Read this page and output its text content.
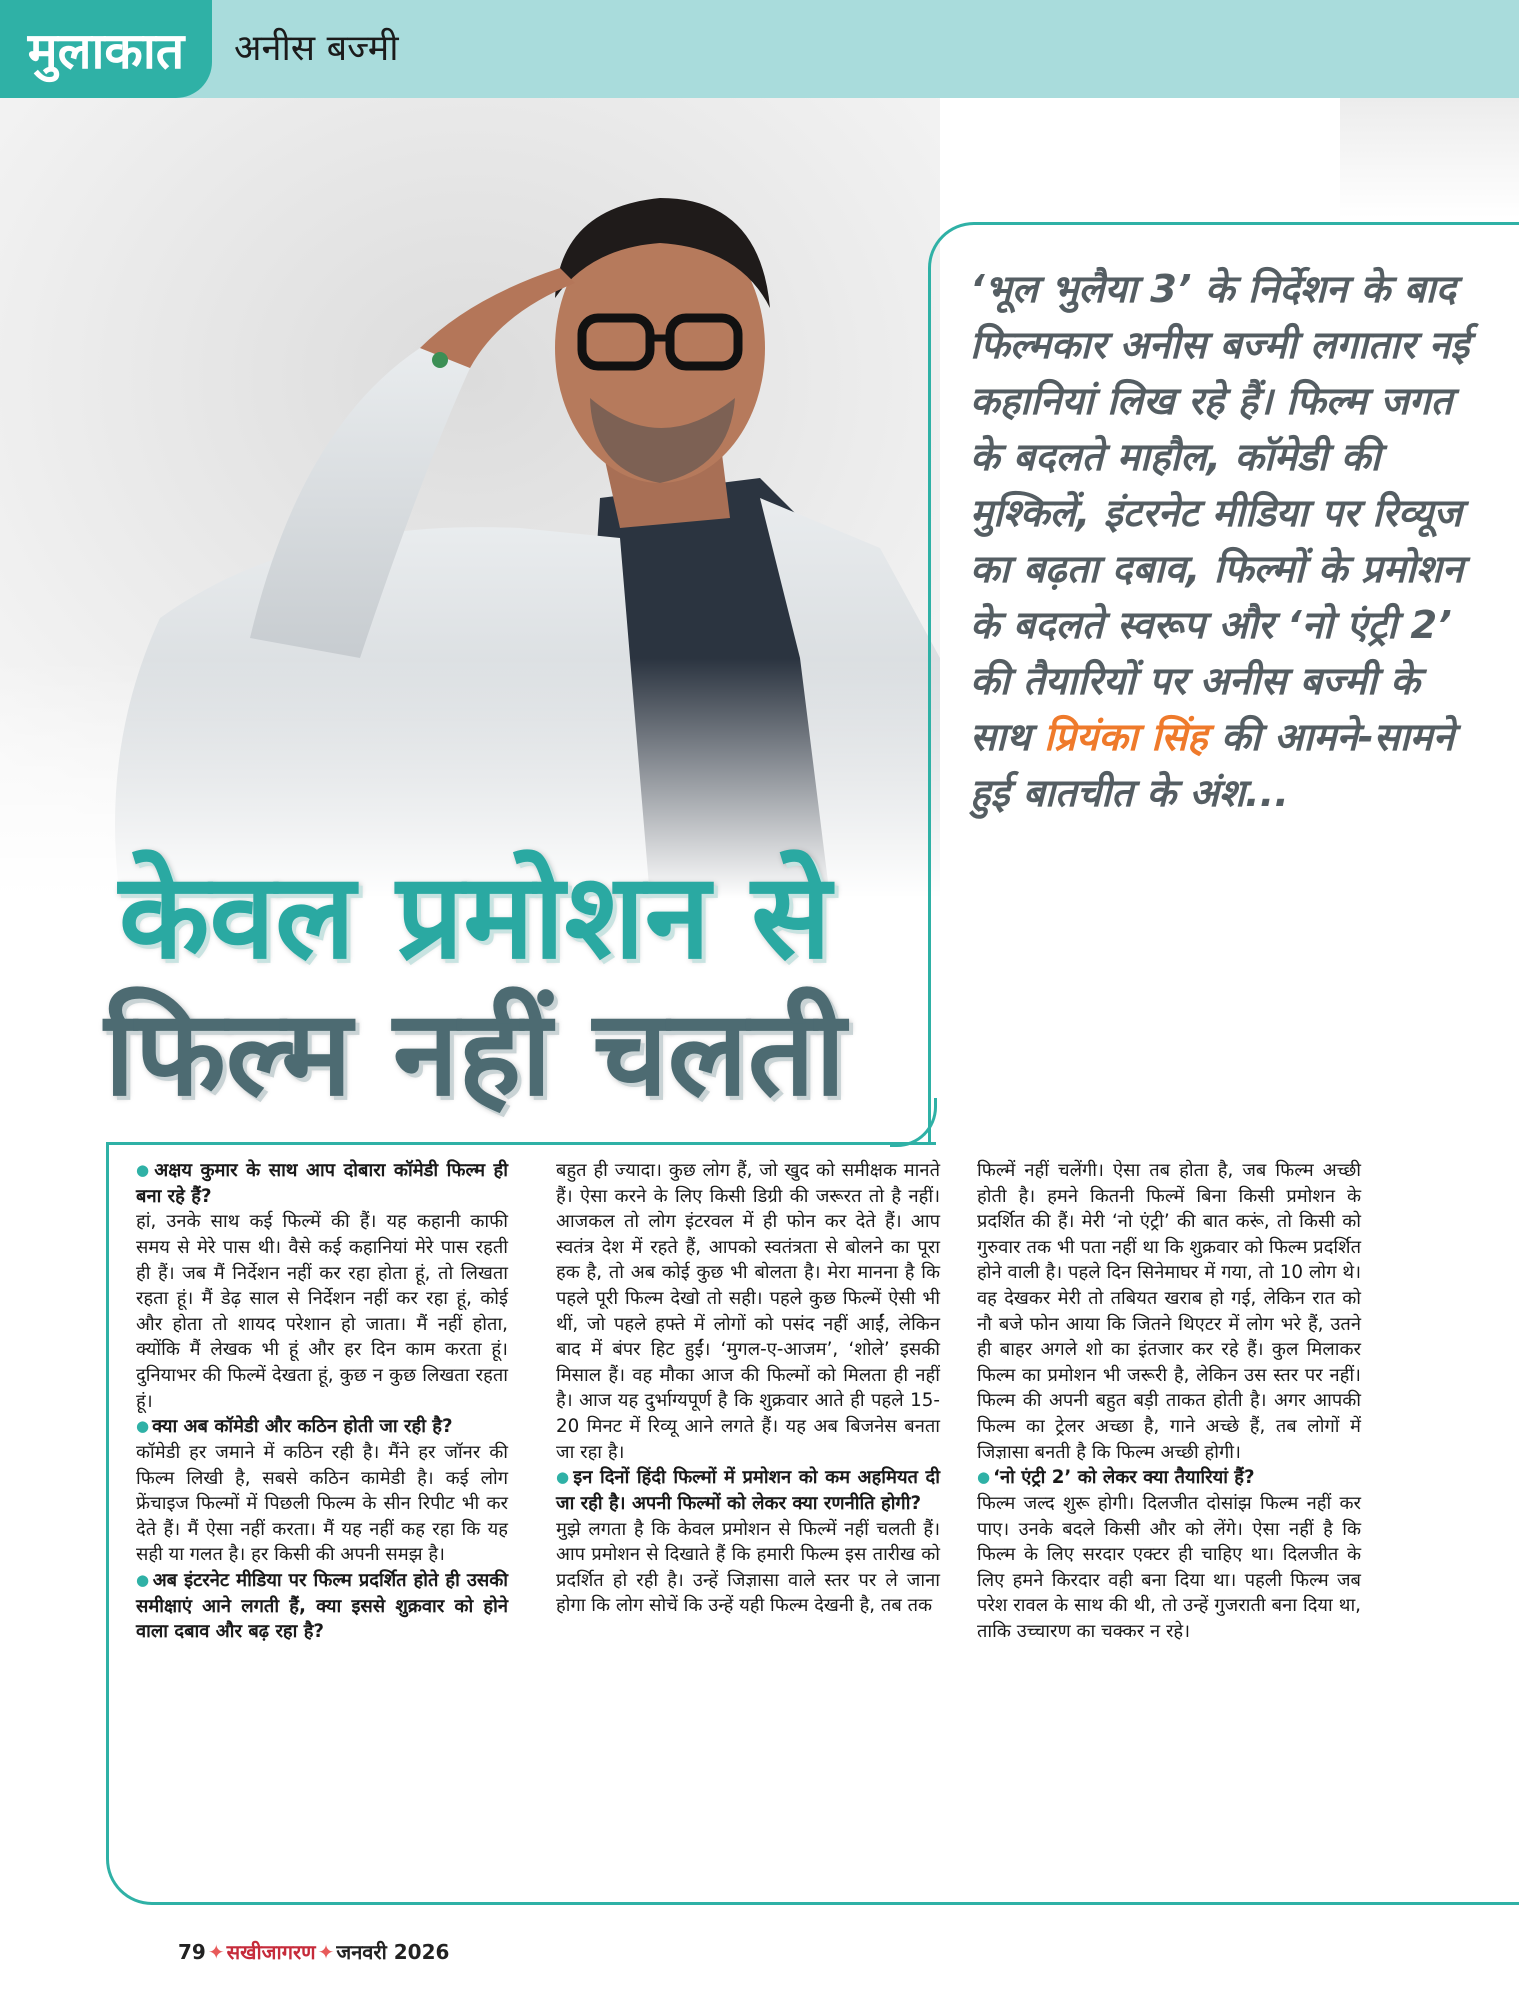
मुलाकात	अनीस बज्मी
केवल प्रमोशन से
फिल्म नहीं चलती
‘भूल भुलैया 3’ के निर्देशन के बाद फिल्मकार अनीस बज्मी लगातार नई कहानियां लिख रहे हैं। फिल्म जगत के बदलते माहौल, कॉमेडी की मुश्किलें, इंटरनेट मीडिया पर रिव्यूज का बढ़ता दबाव, फिल्मों के प्रमोशन के बदलते स्वरूप और ‘नो एंट्री 2’ की तैयारियों पर अनीस बज्मी के साथ प्रियंका सिंह की आमने-सामने हुई बातचीत के अंश...
● अक्षय कुमार के साथ आप दोबारा कॉमेडी फिल्म ही बना रहे हैं?
हां, उनके साथ कई फिल्में की हैं। यह कहानी काफी समय से मेरे पास थी। वैसे कई कहानियां मेरे पास रहती ही हैं। जब मैं निर्देशन नहीं कर रहा होता हूं, तो लिखता रहता हूं। मैं डेढ़ साल से निर्देशन नहीं कर रहा हूं, कोई और होता तो शायद परेशान हो जाता। मैं नहीं होता, क्योंकि मैं लेखक भी हूं और हर दिन काम करता हूं। दुनियाभर की फिल्में देखता हूं, कुछ न कुछ लिखता रहता हूं।
● क्या अब कॉमेडी और कठिन होती जा रही है?
कॉमेडी हर जमाने में कठिन रही है। मैंने हर जॉनर की फिल्म लिखी है, सबसे कठिन कामेडी है। कई लोग फ्रेंचाइज फिल्मों में पिछली फिल्म के सीन रिपीट भी कर देते हैं। मैं ऐसा नहीं करता। मैं यह नहीं कह रहा कि यह सही या गलत है। हर किसी की अपनी समझ है।
● अब इंटरनेट मीडिया पर फिल्म प्रदर्शित होते ही उसकी समीक्षाएं आने लगती हैं, क्या इससे शुक्रवार को होने वाला दबाव और बढ़ रहा है?
बहुत ही ज्यादा। कुछ लोग हैं, जो खुद को समीक्षक मानते हैं। ऐसा करने के लिए किसी डिग्री की जरूरत तो है नहीं। आजकल तो लोग इंटरवल में ही फोन कर देते हैं। आप स्वतंत्र देश में रहते हैं, आपको स्वतंत्रता से बोलने का पूरा हक है, तो अब कोई कुछ भी बोलता है। मेरा मानना है कि पहले पूरी फिल्म देखो तो सही। पहले कुछ फिल्में ऐसी भी थीं, जो पहले हफ्ते में लोगों को पसंद नहीं आईं, लेकिन बाद में बंपर हिट हुईं। ‘मुगल-ए-आजम’, ‘शोले’ इसकी मिसाल हैं। वह मौका आज की फिल्मों को मिलता ही नहीं है। आज यह दुर्भाग्यपूर्ण है कि शुक्रवार आते ही पहले 15-20 मिनट में रिव्यू आने लगते हैं। यह अब बिजनेस बनता जा रहा है।
● इन दिनों हिंदी फिल्मों में प्रमोशन को कम अहमियत दी जा रही है। अपनी फिल्मों को लेकर क्या रणनीति होगी?
मुझे लगता है कि केवल प्रमोशन से फिल्में नहीं चलती हैं। आप प्रमोशन से दिखाते हैं कि हमारी फिल्म इस तारीख को प्रदर्शित हो रही है। उन्हें जिज्ञासा वाले स्तर पर ले जाना होगा कि लोग सोचें कि उन्हें यही फिल्म देखनी है, तब तक
फिल्में नहीं चलेंगी। ऐसा तब होता है, जब फिल्म अच्छी होती है। हमने कितनी फिल्में बिना किसी प्रमोशन के प्रदर्शित की हैं। मेरी ‘नो एंट्री’ की बात करूं, तो किसी को गुरुवार तक भी पता नहीं था कि शुक्रवार को फिल्म प्रदर्शित होने वाली है। पहले दिन सिनेमाघर में गया, तो 10 लोग थे। वह देखकर मेरी तो तबियत खराब हो गई, लेकिन रात को नौ बजे फोन आया कि जितने थिएटर में लोग भरे हैं, उतने ही बाहर अगले शो का इंतजार कर रहे हैं। कुल मिलाकर फिल्म का प्रमोशन भी जरूरी है, लेकिन उस स्तर पर नहीं। फिल्म की अपनी बहुत बड़ी ताकत होती है। अगर आपकी फिल्म का ट्रेलर अच्छा है, गाने अच्छे हैं, तब लोगों में जिज्ञासा बनती है कि फिल्म अच्छी होगी।
● ‘नो एंट्री 2’ को लेकर क्या तैयारियां हैं?
फिल्म जल्द शुरू होगी। दिलजीत दोसांझ फिल्म नहीं कर पाए। उनके बदले किसी और को लेंगे। ऐसा नहीं है कि फिल्म के लिए सरदार एक्टर ही चाहिए था। दिलजीत के लिए हमने किरदार वही बना दिया था। पहली फिल्म जब परेश रावल के साथ की थी, तो उन्हें गुजराती बना दिया था, ताकि उच्चारण का चक्कर न रहे।
79 ✦ सखीजागरण ✦ जनवरी 2026
